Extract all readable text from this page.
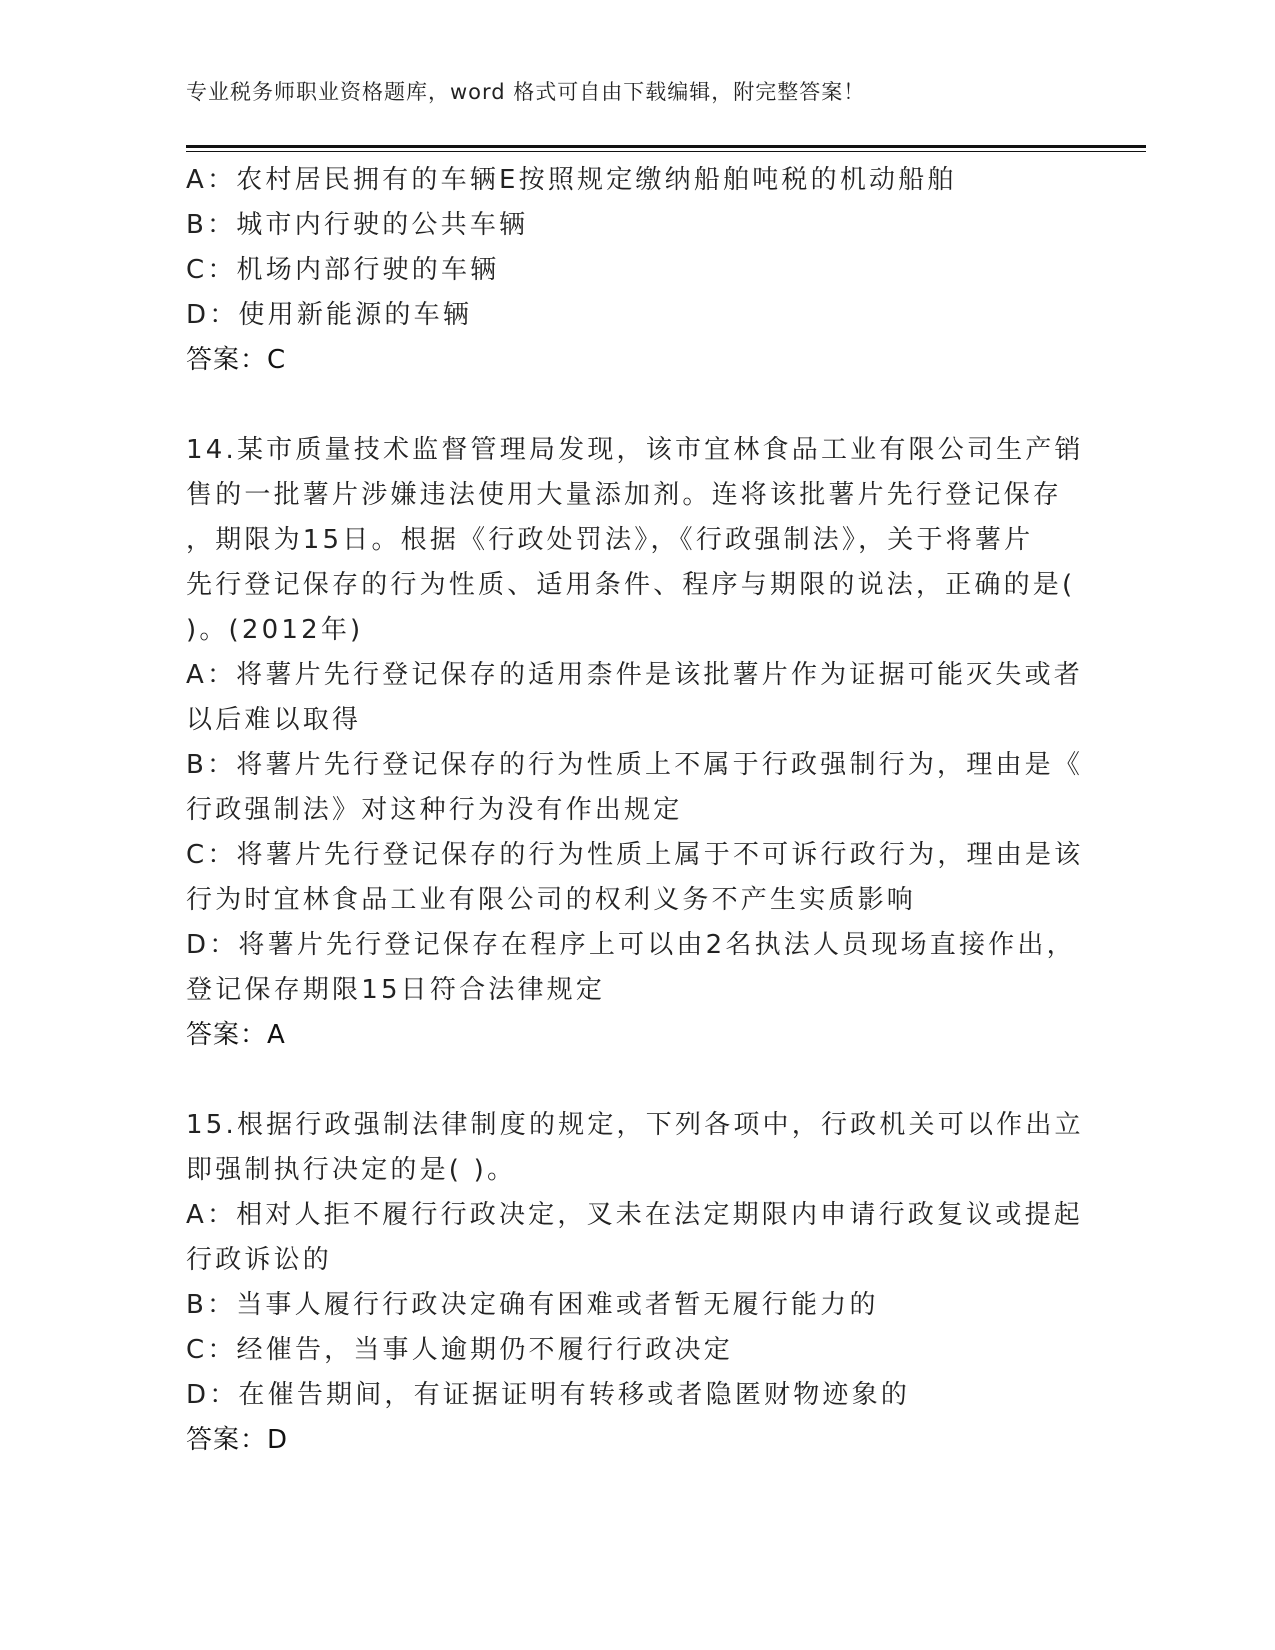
专业税务师职业资格题库，word 格式可自由下载编辑，附完整答案！
A：农村居民拥有的车辆E按照规定缴纳船舶吨税的机动船舶
B：城市内行驶的公共车辆
C：机场内部行驶的车辆
D：使用新能源的车辆
答案：C
14.某市质量技术监督管理局发现，该市宜林食品工业有限公司生产销
售的一批薯片涉嫌违法使用大量添加剂。连将该批薯片先行登记保存
，期限为15日。根据《行政处罚法》，《行政强制法》，关于将薯片
先行登记保存的行为性质、适用条件、程序与期限的说法，正确的是(
)。(2012年)
A：将薯片先行登记保存的适用柰件是该批薯片作为证据可能灭失或者
以后难以取得
B：将薯片先行登记保存的行为性质上不属于行政强制行为，理由是《
行政强制法》对这种行为没有作出规定
C：将薯片先行登记保存的行为性质上属于不可诉行政行为，理由是该
行为时宜林食品工业有限公司的权利义务不产生实质影响
D：将薯片先行登记保存在程序上可以由2名执法人员现场直接作出，
登记保存期限15日符合法律规定
答案：A
15.根据行政强制法律制度的规定，下列各项中，行政机关可以作出立
即强制执行决定的是( )。
A：相对人拒不履行行政决定，叉未在法定期限内申请行政复议或提起
行政诉讼的
B：当事人履行行政决定确有困难或者暂无履行能力的
C：经催告，当事人逾期仍不履行行政决定
D：在催告期间，有证据证明有转移或者隐匿财物迹象的
答案：D
